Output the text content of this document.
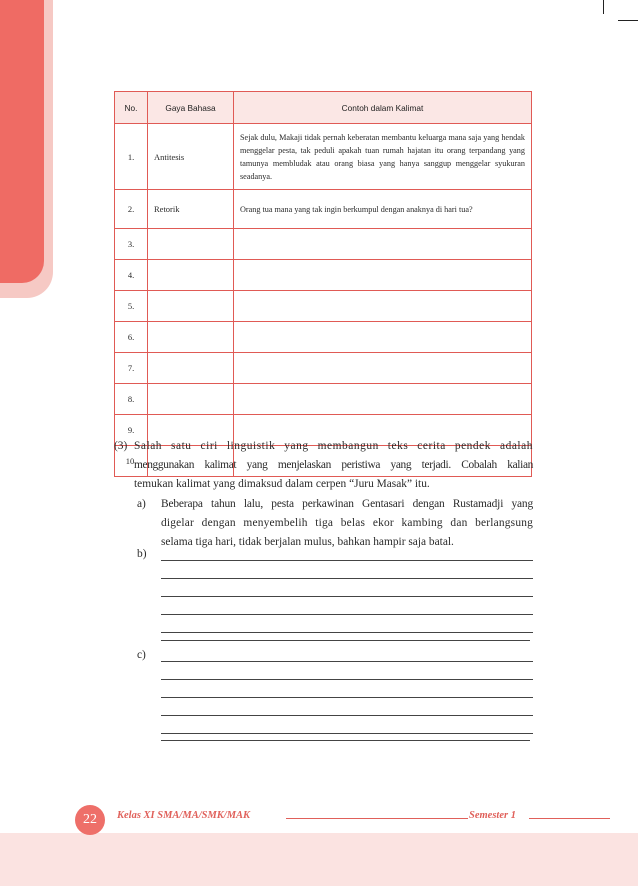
No.	Gaya Bahasa	Contoh dalam Kalimat
1.	Antitesis	Sejak dulu, Makaji tidak pernah keberatan membantu keluarga mana saja yang hendak menggelar pesta, tak peduli apakah tuan rumah hajatan itu orang terpandang yang tamunya membludak atau orang biasa yang hanya sanggup menggelar syukuran seadanya.
2.	Retorik	Orang tua mana yang tak ingin berkumpul dengan anaknya di hari tua?
3.		
4.		
5.		
6.		
7.		
8.		
9.		
10.		
(3) Salah satu ciri linguistik yang membangun teks cerita pendek adalah
menggunakan kalimat yang menjelaskan peristiwa yang terjadi. Cobalah kalian
temukan kalimat yang dimaksud dalam cerpen “Juru Masak” itu.
a) Beberapa tahun lalu, pesta perkawinan Gentasari dengan Rustamadji yang
digelar dengan menyembelih tiga belas ekor kambing dan berlangsung
selama tiga hari, tidak berjalan mulus, bahkan hampir saja batal.
b)
c)
22	Kelas XI SMA/MA/SMK/MAK	Semester 1
